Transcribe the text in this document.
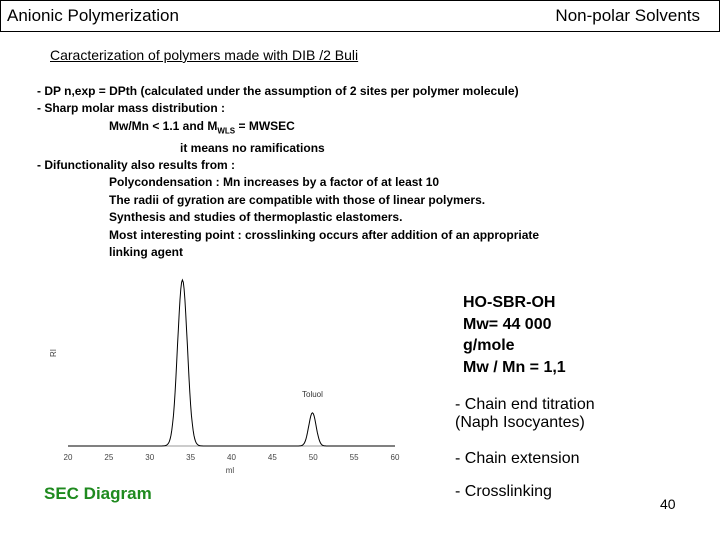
Anionic Polymerization	Non-polar Solvents
Caracterization of polymers made with DIB /2 Buli
- DP n,exp = DPth (calculated under the assumption of 2 sites per polymer molecule)
- Sharp molar mass distribution :
Mw/Mn < 1.1 and $M_{WLS}$ = MWSEC
it means no ramifications
- Difunctionality also results from :
Polycondensation : Mn increases by a factor of at least 10
The radii of gyration are compatible with those of linear polymers.
Synthesis and studies of thermoplastic elastomers.
Most interesting point : crosslinking occurs after addition of an appropriate
linking agent
RI
ml
Toluol
20	25	30	35	40	45	50	55	60
HO-SBR-OH
Mw= 44 000
g/mole
Mw / Mn = 1,1
- Chain end titration
(Naph Isocyantes)
- Chain extension
- Crosslinking
SEC Diagram
40
